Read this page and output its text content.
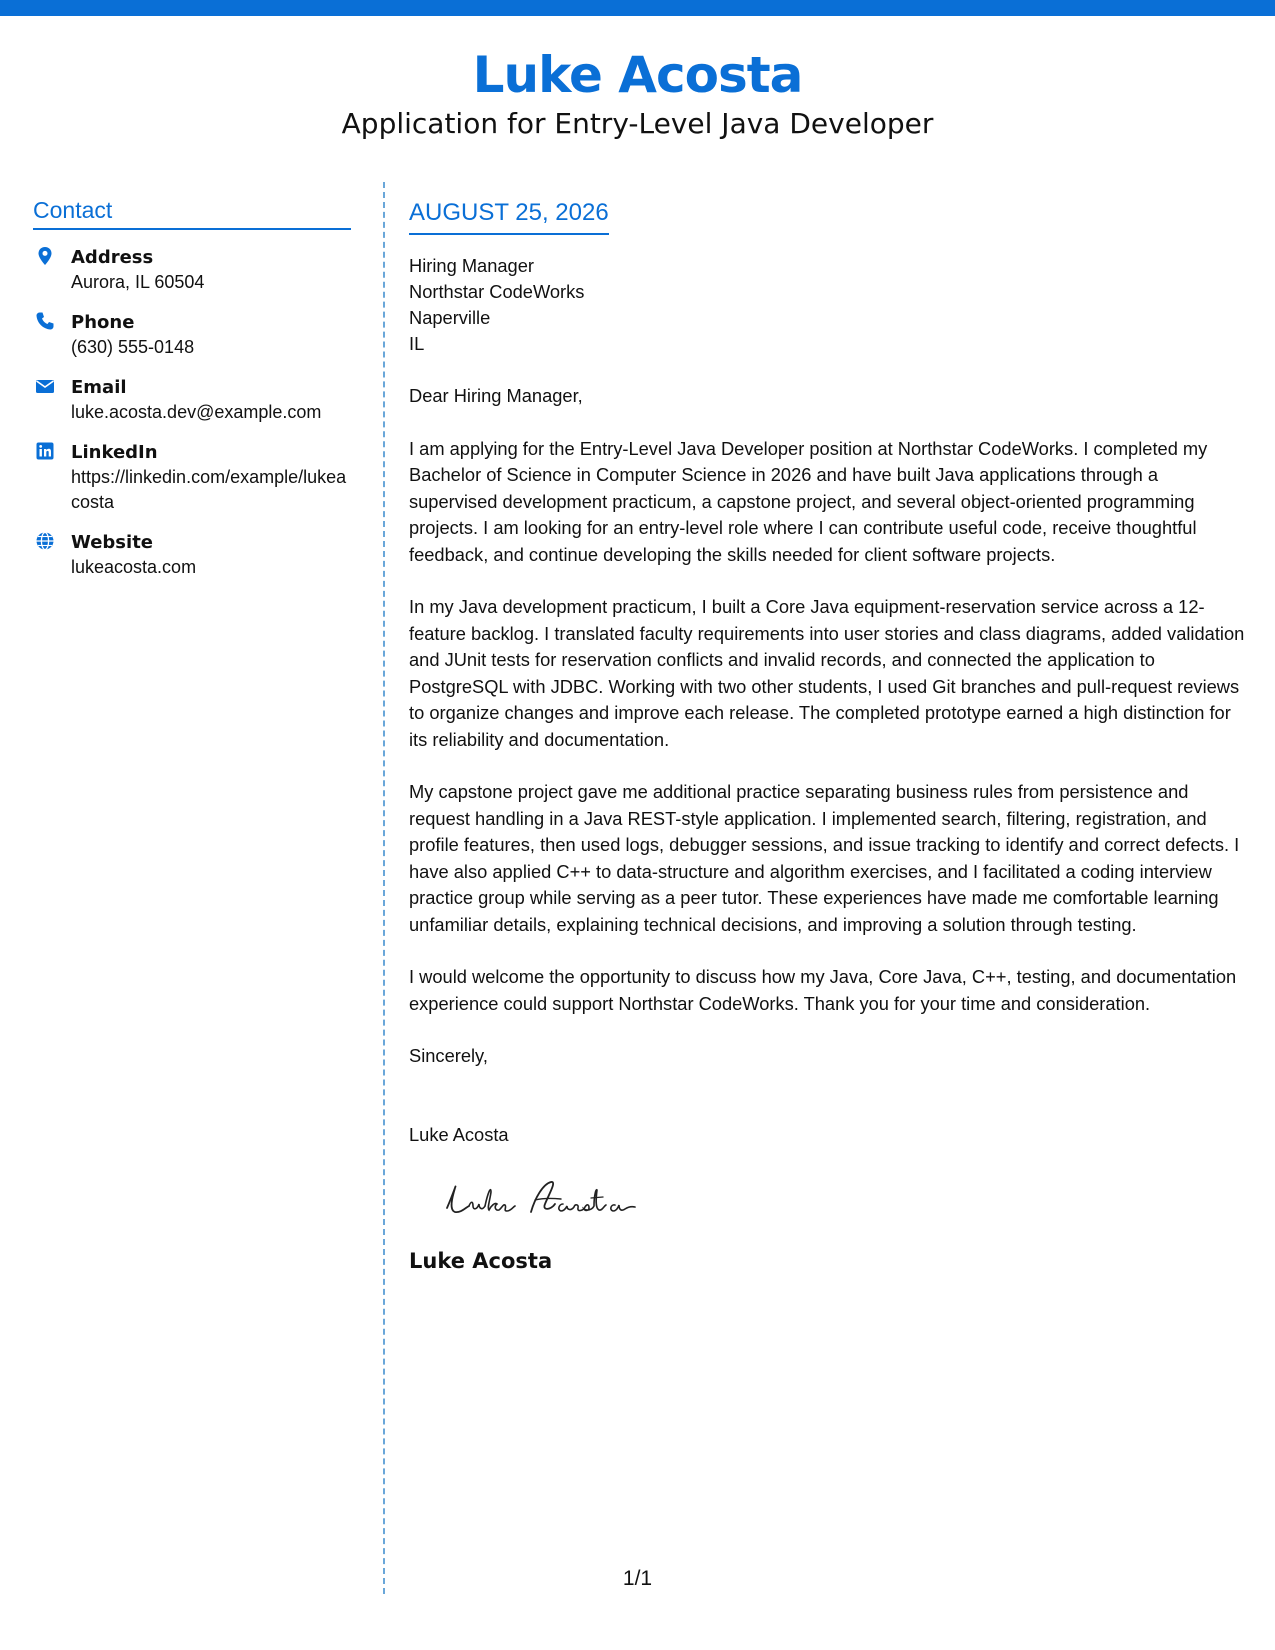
Luke Acosta
Application for Entry-Level Java Developer
Contact
Address
Aurora, IL 60504
Phone
(630) 555-0148
Email
luke.acosta.dev@example.com
LinkedIn
https://linkedin.com/example/lukeacosta
Website
lukeacosta.com
AUGUST 25, 2026
Hiring Manager
Northstar CodeWorks
Naperville
IL
Dear Hiring Manager,

I am applying for the Entry-Level Java Developer position at Northstar CodeWorks. I completed my Bachelor of Science in Computer Science in 2026 and have built Java applications through a supervised development practicum, a capstone project, and several object-oriented programming projects. I am looking for an entry-level role where I can contribute useful code, receive thoughtful feedback, and continue developing the skills needed for client software projects.

In my Java development practicum, I built a Core Java equipment-reservation service across a 12-feature backlog. I translated faculty requirements into user stories and class diagrams, added validation and JUnit tests for reservation conflicts and invalid records, and connected the application to PostgreSQL with JDBC. Working with two other students, I used Git branches and pull-request reviews to organize changes and improve each release. The completed prototype earned a high distinction for its reliability and documentation.

My capstone project gave me additional practice separating business rules from persistence and request handling in a Java REST-style application. I implemented search, filtering, registration, and profile features, then used logs, debugger sessions, and issue tracking to identify and correct defects. I have also applied C++ to data-structure and algorithm exercises, and I facilitated a coding interview practice group while serving as a peer tutor. These experiences have made me comfortable learning unfamiliar details, explaining technical decisions, and improving a solution through testing.

I would welcome the opportunity to discuss how my Java, Core Java, C++, testing, and documentation experience could support Northstar CodeWorks. Thank you for your time and consideration.

Sincerely,
Luke Acosta
Luke Acosta
1/1
